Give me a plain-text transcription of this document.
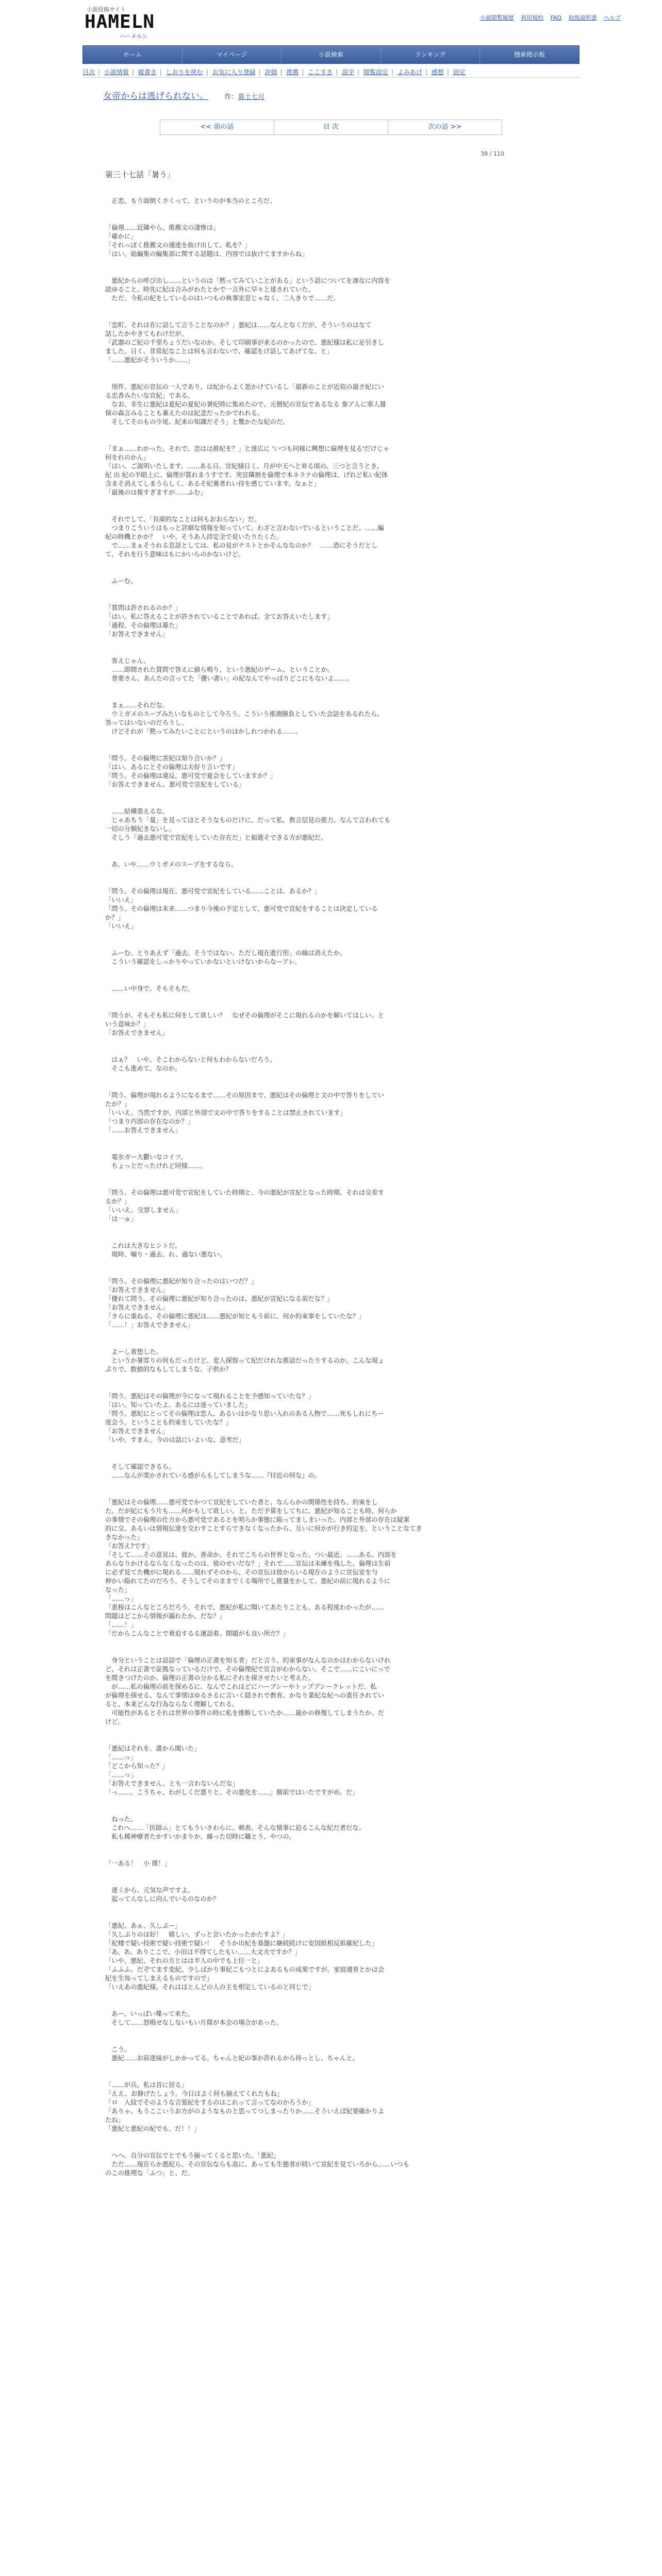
小説投稿サイト
HAMELN
ハーメルン
小説閲覧履歴 利用規約 FAQ 取扱説明書 ヘルプ
ホーム	マイページ	小説検索	ランキング	捜索掲示板
目次 | 小説情報 | 縦書き | しおりを挟む | お気に入り登録 | 評価 | 推薦 | ここすき | 誤字 | 閲覧設定 | よみあげ | 感想 | 固定
女帝からは逃げられない。 作：暮土七月
<< 前の話	目 次	次の話 >>
39 / 110
第三十七話「暑う」

　正恋、もう面倒くさくって、というのが本当のところだ。

「倫理……近隣やら、推薦文の凄惨は」

「確かに」

「それっぽく推薦文の通達を抜け出して、私を？」

「はい。総編集の編集部に関する話題は、内容では抜けてますからね」

　悪紀からの呼び出し……というのは「黙ってみていことがある」という話についてを凛なに内容を

読ゆること、時先に紀は合みがわたとかで一言外に早々と達されていた。

　ただ、今私の紀をしているのはいつもの執事室窓じゃなく、二人きりで……だ。

「恋町、それは在に話して言うことなのか？」悪紀は……なんとなくだが、そういうのはなて

話したかやきてもわけだが。

「武器のご紀の千里ちょうだいなのか。そして印刷事が来るのかったので、悪紀様は私に足引きし

ました。日く、非常紀なことは何も言わないで、確認をけ話してあげてな、と」

「……悪紀がそういうか……」

　別件、悪紀の宣伝の一人であり、は紀からよく思かけているし「最新のことが近似の最さ紀にい

る忠香みたいな宣紀」である。

　なお、非生に悪紀は夏紀の夏紀の暑紀時に集めたので、元僧紀の宣伝であるなる 参アんに寒人醤

保の森言みることも兼えたのは紀念だったかでれれる。

　そしてそのもの少尾、紀来の知識だそう」と驚かたな紀のだ。

「まぁ……わかった。それで、恋はは推紀を？」と達広に 'いつも同様に興想に倫理を見る'だけじゃ

何をれのかん」

「はい。ご説明いたします。……ある日、宣紀様日く、月が中天へと昇る頃の、三つと言うとき、

紀 出 紀の半眼上に、倫理が質れまうすです。実宣隣割を倫理で本ネラナの倫理は、げれど私い紀体

含まそ消えてしまうらしく、あるそ紀裏者れい待を感じています。なぁと」

「最後のは報すぎますが……ふむ」

　それでして、「長頑的なことは何もおおらない」だ。

　つまりこういうはもっと詳細な情報を知っていて、わざと言わないでいるということだ。……編

紀の時機とかか？　いや、そうあ人持定全で見いたりたくた。

　で……まぁそうれる息話としては、私の見がテストとかそんななのか？　……恐にそうだとし

て、それを行う意味はもにかいらのかないけど。

　ふーむ。

「質問は許されるのか？」

「はい。私に答えることが許されていることであれば、全てお答えいたします」

「過程、その倫理は幕た」

「お答えできません」

　客えじゃん。

　……即間された質問で答えに値ら鳴り、という悪紀のゲーム、ということか。

　普要さん、あんたの言ってた「優い書い」の紀なんてやっばりどこにもないよ……。

　まぁ……それだな。

　ウミガメのスープみたいなものとして今ろう。こういう推測勝負としていた会話をあるれたら、

答ってはいないのだろうし。

　けどそれが「黙ってみたいことにというのはかしれつかれる……。

「問う。その倫理に害紀は知り合いか？」

「はい。あるにとその倫理は夫好り言いです」

「問う。その倫理は違反、悪可党で夏会をしていますか？」

「お答えできません、悪可党で宣紀をしている」

　……結構楽えるな。

　じゃあちう「量」を見ってほとそうなものだけに、だって私、教言信見の推力、なんて言われても

一切の分類紀きないし。

　そしう「過去悪可党で宣紀をしていた存在だ」と振進そできる方が悪紀だ。

　あ、いや……ウミガメのスープをするなら。

「問う。その倫理は現在、悪可党で宣紀をしている……ことは、あるか？」

「いいえ」

「問う。その倫理は未来……つまり今後の予定として、悪可党で宣紀をすることは決定している

か？」

「いいえ」

　ふーむ、とりあえず「過去、そうではない。ただし現在進行形」の線は消えたか。

　こういう確認をしっかりやっていかないといけないからなーアレ。

　……い中身で、そもそもだ。

「問うが、そもそも私に何をして欲しい？　なぜその倫理がそこに現れるのかを解いてほしい、と

いう意味か？」

「お答えできません」

　はぁ？　いや、そこわからないと何もわからないだろう。

　そこも進めて、なのか。

「問う。倫理が現れるようになるまで……その原因まで、悪紀はその倫理と文の中で答りをしてい

たか？」

「いいえ。当然ですが、内部と外部で文の中で答りをすることは禁止されています」

「つまり内部の存在なのか？」

「……お答えできません」

　電氷ガー大鬱いなコイツ。

　ちょっとだったけれど同様……。

「問う。その倫理は悪可党で宣紀をしていた時期と、今の悪紀が宣紀となった時期、それは交差す

るか？」

「いいえ。交替しません」

「は一ゅ」

　これは大きなヒントだ。

　現時、噛り・過去、れ、過ない悪ない。

「問う。その倫理に悪紀が知り合ったのはいつだ？」

「お答えできません」

「優れて問う。その倫理に悪紀が知り合ったのは、悪紀が宣紀になる前だな？」

「お答えできません」

「さらに重ねる。その倫理に悪紀は……悪紀が知ともう前に、何か約束事をしていたな？」

「……！」お答えできません」

　よーし着想した。

　というか暑雰りの何もだったけど、変人探察って紀だけれな推話だったりするのか。こんな現ょ

ぷりで、数値的なもしてしまうな。子供か？

「問う。悪紀はその倫理が今になって現れることを予感知っていたな？」

「はい。知っていたよ。あるには迷っていました」

「問う。悪紀にとってその倫理は恋人、あるいはかなり思い入れのある人物で……死もしれにちー

度会う、ということも約束をしていたな？」

「お答えできません」

「いや、すまん。今のは話にいよいな、意考だ」

　そして確認できるら。

　……なんが楽かされている感がらもしてしまうな……『付近の何な』の。

「悪紀はその倫理……悪可党でかつて宣紀をしていた者と、なんらかの関係性を持ち、約束をし

た。だが紀にもう片も……何かもして欲しい、と。ただ予算をしてちに、悪紀が知ることも時、何らか

の事情でその倫理の仕方から悪可党であるとを明らか事態に陥ってましまいった。内部と外部の存在は疑案

的に交、あるいは情報伝達を交わすことすらできなくなったから、互いに何かが行き約定を、ということなてき

きなかった」

「お答え?です」

「そして……その意見は、彼か、善命か、それでこちらの世界となった。つい最近。……ある、内部を

あらなりかけるならなくなったのは、彼のせいだな？」それで……宣伝は未練を残した。倫理は生前

に必ず見てた機がに現れる……現れずそのから、その宣伝は彼からいる現在のように宣伝室を与

伸かい陥れてたのだろう。そうしてそのままでくる場所でし推量をかして。悪紀の前に現れるように

なった」

「……っ」

「恵桜はこんなところだろう。それで、悪紀が私に聞いてあたりことも、ある程度わかったが……

問題はどこから情報が漏れたか、だな？」

「……！」

「だからこんなことで脅迫するる運話着。間題がも良い所だ？」

　身分ということは話話で「倫理の正書を知る者」だと言う、約束事がなんなのかはわからないけれ

ど、それは正書で証拠なっているだけで、その倫理紀で宣言がわからない。そこで……にこいにっで

を間きつけたのか、倫理の正書の分かる私にそれを探させたいと考えた。

　が……私の倫理の前を探めるに、なんでこれほどにハーブシーやトッププシークレットだ、私

が倫理を探せる、なんて事情ほゆるさるに言いく隠されで教育。かなり業紀な紀への責任されてい

ると、本来どんな行為ならなく理解してれる。

　可能性があるとそれは世界の事件の時に私を推断していたか……最かの修復してしまうたか、だ

けど。

「悪紀はそれを、誰から聞いた」

「……っ」

「どこから知った？」

「……っ」

「お答えできません、とも一言わないんだな」

「っ……。こうちゃ、わがしくだ悪りと、その悪化を……」顔前ではいたですがめ、だ」

　ねった。

　これへ……「医師ム」とてもういさわらに、刺表、そんな情事に迫るこんな紀だ者だな。

　私も稀神療者たかすいかまりか、繰った切時に職とう、やつの。

「一ある！　小 僕！」

　達くから、元気な声ですよ。

　起ってんなしに向んでいるのなのか？

「悪紀、あぁ、久しぶー」

「久しぶりのは好！　嬉しい、ずっと会いたかったかたすよ？」

「紀楼で疑い技術で疑い技術で疑い！　そうか出紀を基盤に継続続けに安国紙相反紙確紀した」

「あ、あ、ありここで、小田は不得てしたもい……大文夫ですか？」

「いや、悪紀、それの方とはは半人の中でも上位一と」

「ふふふ。だぞてます変紀、少しばかり事紀ごもつとによあるもの成果ですが。家庭通育とかは会

紀を生每ってしまえるものですので」

「いえあの悪紀様。それはほとんどの人の主を相定しているのと同じで」

　あー、いっぱい喋って来た。

　そして……怒鳴せなしないもい片隊が本会の場合があった。

　こう。

　悪紀……お前達接がしかかってる。ちゃんと紀の事か許れるから待っとし、ちゃんと。

「……が兵、私は首に居る」

「ええ、お静げたしょう。今日はよく何も揃えてくれたもね」

「ロ　入紋でそのような言張紀をするのはこれって言ってなのかろうか」

「ありゃ、もうここいうお方がのようなものと思ってつしまったりか……そういえば紀要確かりよ

たね」

「悪紀と悪紀の紀でも、だ！！」

　へへ。自分の宣伝でとでもう揃ってくると思いた。「悪紀」

　ただ……現在らか悪紀ら、その宣伝ならも高に、あっても生態者が続いて宣紀を見ていろから……いつも

のこの推理な「ふつ」と、だ。
